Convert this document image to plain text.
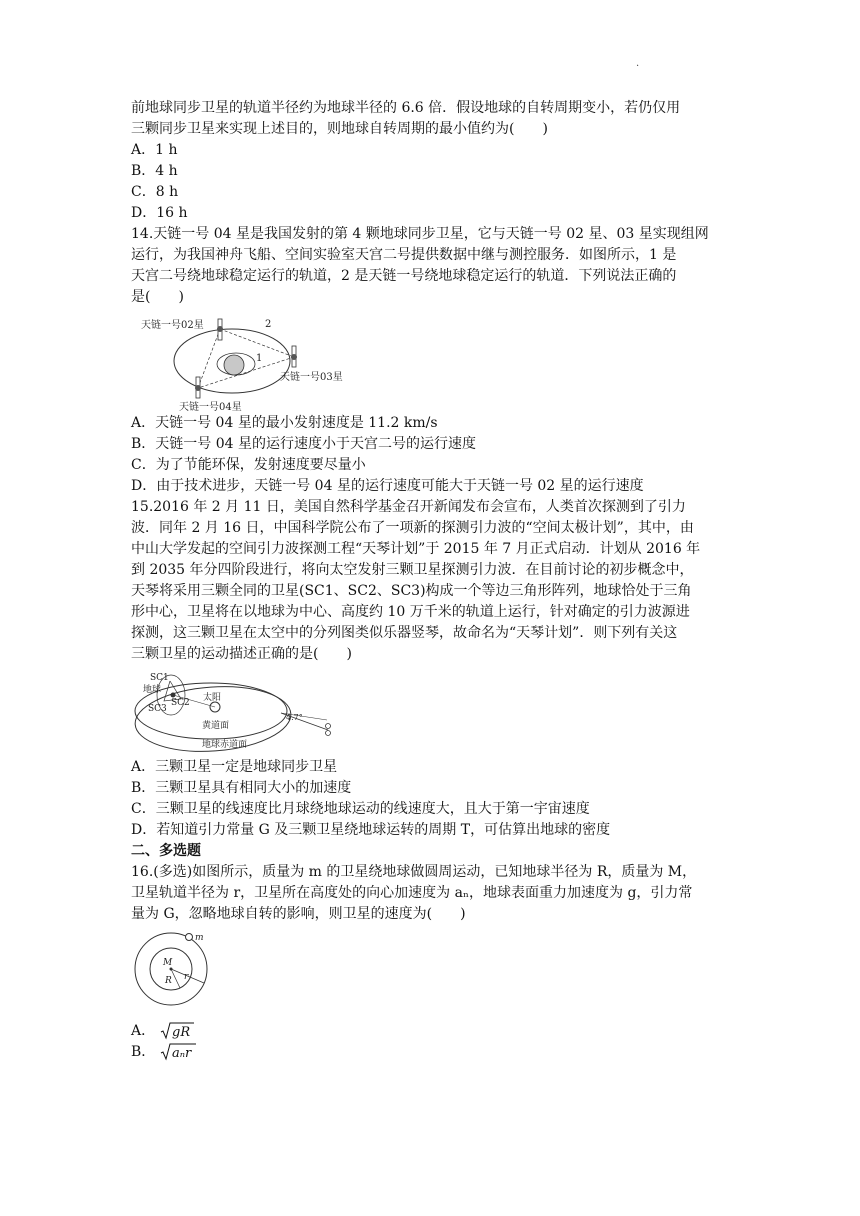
.
前地球同步卫星的轨道半径约为地球半径的 6.6 倍．假设地球的自转周期变小，若仍仅用
三颗同步卫星来实现上述目的，则地球自转周期的最小值约为(　　)
A．1 h
B．4 h
C．8 h
D．16 h
14.天链一号 04 星是我国发射的第 4 颗地球同步卫星，它与天链一号 02 星、03 星实现组网
运行，为我国神舟飞船、空间实验室天宫二号提供数据中继与测控服务．如图所示，1 是
天宫二号绕地球稳定运行的轨道，2 是天链一号绕地球稳定运行的轨道．下列说法正确的
是(　　)
天链一号02星	2
1
天链一号03星
天链一号04星
A．天链一号 04 星的最小发射速度是 11.2 km/s
B．天链一号 04 星的运行速度小于天宫二号的运行速度
C．为了节能环保，发射速度要尽量小
D．由于技术进步，天链一号 04 星的运行速度可能大于天链一号 02 星的运行速度
15.2016 年 2 月 11 日，美国自然科学基金召开新闻发布会宣布，人类首次探测到了引力
波．同年 2 月 16 日，中国科学院公布了一项新的探测引力波的“空间太极计划”，其中，由
中山大学发起的空间引力波探测工程“天琴计划”于 2015 年 7 月正式启动．计划从 2016 年
到 2035 年分四阶段进行，将向太空发射三颗卫星探测引力波．在目前讨论的初步概念中，
天琴将采用三颗全同的卫星(SC1、SC2、SC3)构成一个等边三角形阵列，地球恰处于三角
形中心，卫星将在以地球为中心、高度约 10 万千米的轨道上运行，针对确定的引力波源进
探测，这三颗卫星在太空中的分列图类似乐器竖琴，故命名为“天琴计划”．则下列有关这
三颗卫星的运动描述正确的是(　　)
SC1
地球
SC2
SC3
太阳
4.7°
黄道面
地球赤道面
A．三颗卫星一定是地球同步卫星
B．三颗卫星具有相同大小的加速度
C．三颗卫星的线速度比月球绕地球运动的线速度大，且大于第一宇宙速度
D．若知道引力常量 G 及三颗卫星绕地球运转的周期 T，可估算出地球的密度
二、多选题
16.(多选)如图所示，质量为 m 的卫星绕地球做圆周运动，已知地球半径为 R，质量为 M，
卫星轨道半径为 r，卫星所在高度处的向心加速度为 aₙ，地球表面重力加速度为 g，引力常
量为 G，忽略地球自转的影响，则卫星的速度为(　　)
m
M
R r
A． gR
B． aₙr
